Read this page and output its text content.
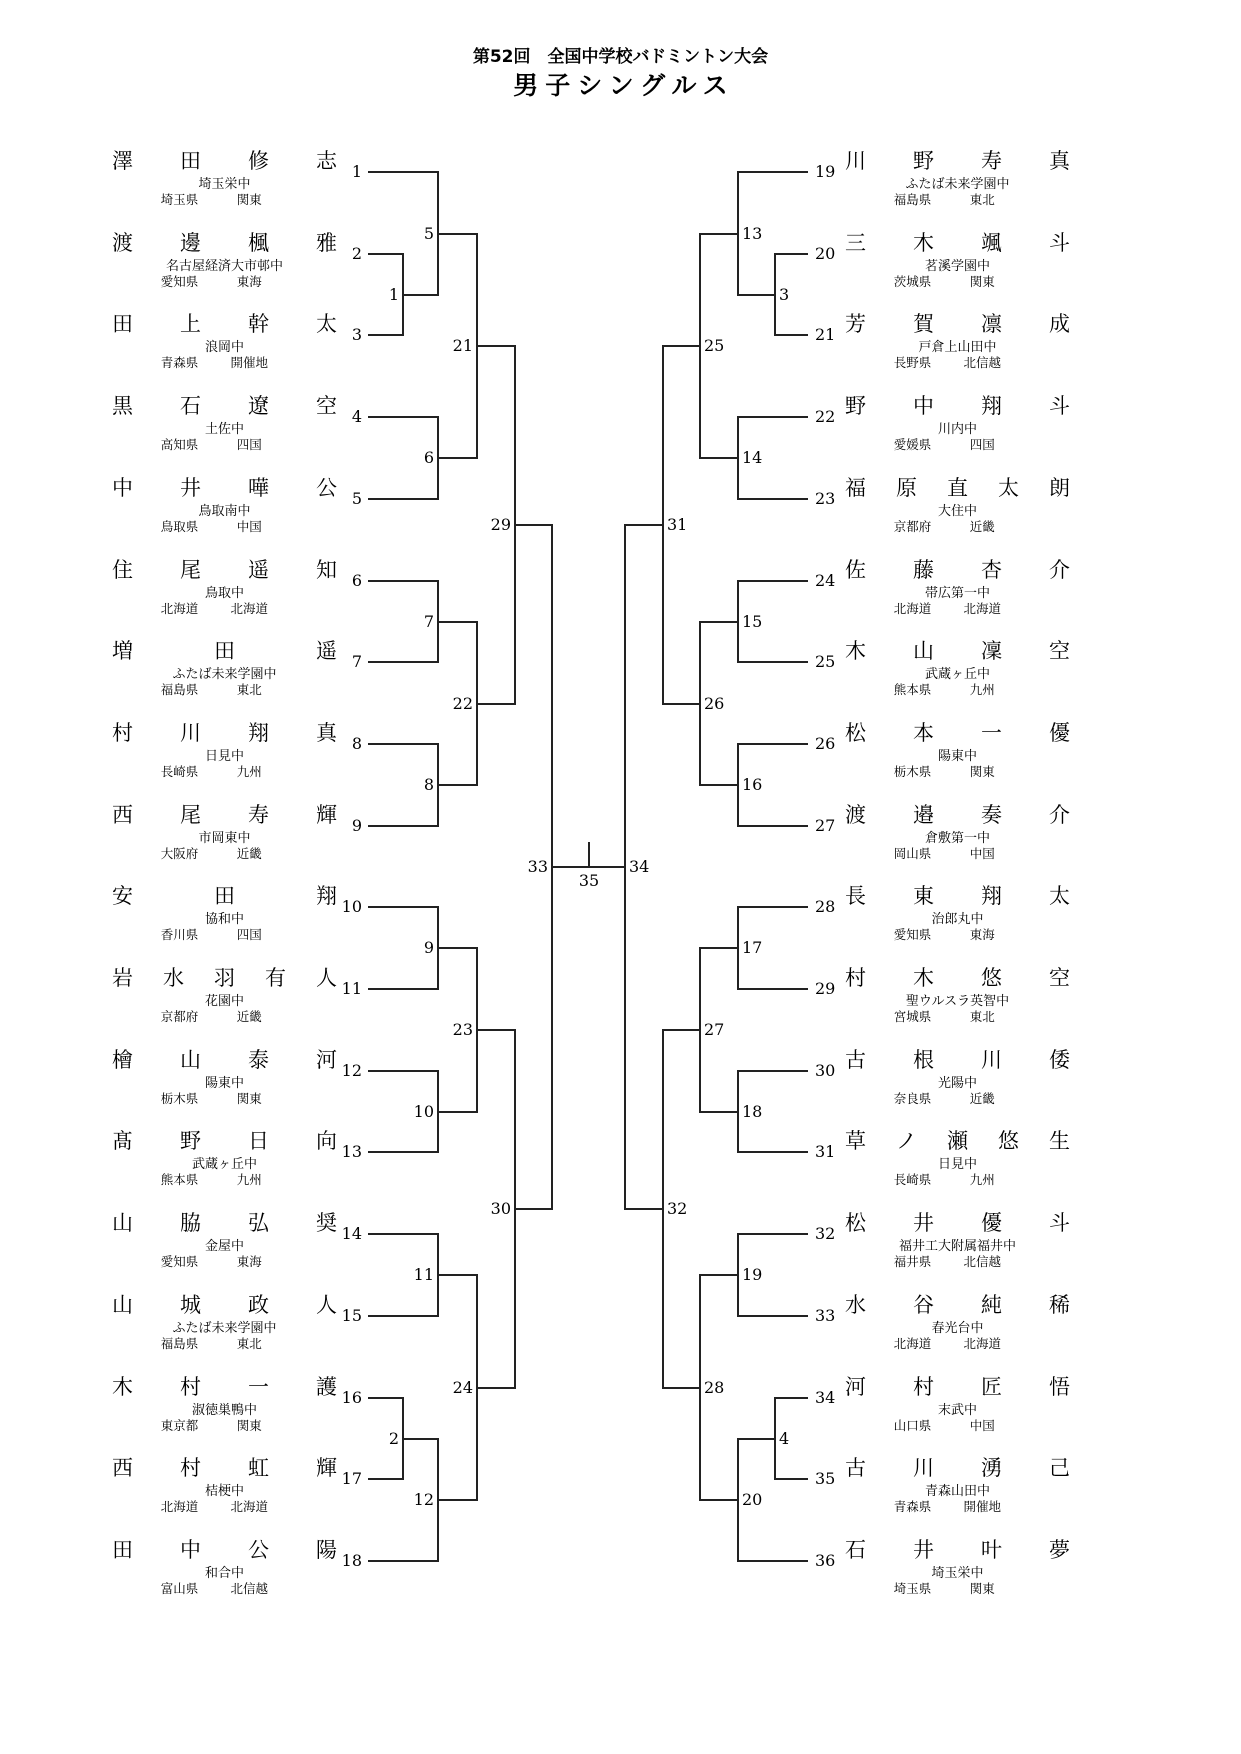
第52回　全国中学校バドミントン大会
男子シングルス
澤 田 修 志
埼玉栄中
埼玉県	関東
1
渡 邊 楓 雅
名古屋経済大市邨中
愛知県	東海
2
田 上 幹 太
浪岡中
青森県	開催地
3
黒 石 遼 空
土佐中
高知県	四国
4
中 井 嘩 公
鳥取南中
鳥取県	中国
5
住 尾 遥 知
鳥取中
北海道	北海道
6
増	田	遥
ふたば未来学園中
福島県	東北
7
村 川 翔 真
日見中
長崎県	九州
8
西 尾 寿 輝
市岡東中
大阪府	近畿
9
安	田	翔
協和中
香川県	四国
10
岩 水 羽 有 人
花園中
京都府	近畿
11
檜 山 泰 河
陽東中
栃木県	関東
12
髙 野 日 向
武蔵ヶ丘中
熊本県	九州
13
山 脇 弘 奨
金屋中
愛知県	東海
14
山 城 政 人
ふたば未来学園中
福島県	東北
15
木 村 一 護
淑徳巣鴨中
東京都	関東
16
西 村 虹 輝
桔梗中
北海道	北海道
17
田 中 公 陽
和合中
富山県	北信越
18
川 野 寿 真
ふたば未来学園中
福島県	東北
19
三 木 颯 斗
茗溪学園中
茨城県	関東
20
芳 賀 凛 成
戸倉上山田中
長野県	北信越
21
野 中 翔 斗
川内中
愛媛県	四国
22
福 原 直 太 朗
大住中
京都府	近畿
23
佐 藤 杏 介
帯広第一中
北海道	北海道
24
木 山 凜 空
武蔵ヶ丘中
熊本県	九州
25
松 本 一 優
陽東中
栃木県	関東
26
渡 邉 奏 介
倉敷第一中
岡山県	中国
27
長 東 翔 太
治郎丸中
愛知県	東海
28
村 木 悠 空
聖ウルスラ英智中
宮城県	東北
29
古 根 川 倭
光陽中
奈良県	近畿
30
草 ノ 瀬 悠 生
日見中
長崎県	九州
31
松 井 優 斗
福井工大附属福井中
福井県	北信越
32
水 谷 純 稀
春光台中
北海道	北海道
33
河 村 匠 悟
末武中
山口県	中国
34
古 川 湧 己
青森山田中
青森県	開催地
35
石 井 叶 夢
埼玉栄中
埼玉県	関東
36
1
2
5
6
7
8
9
10
11
12
21
22
23
24
29
30
33
3
4
13
14
15
16
17
18
19
20
25
26
27
28
31
32
34
35
